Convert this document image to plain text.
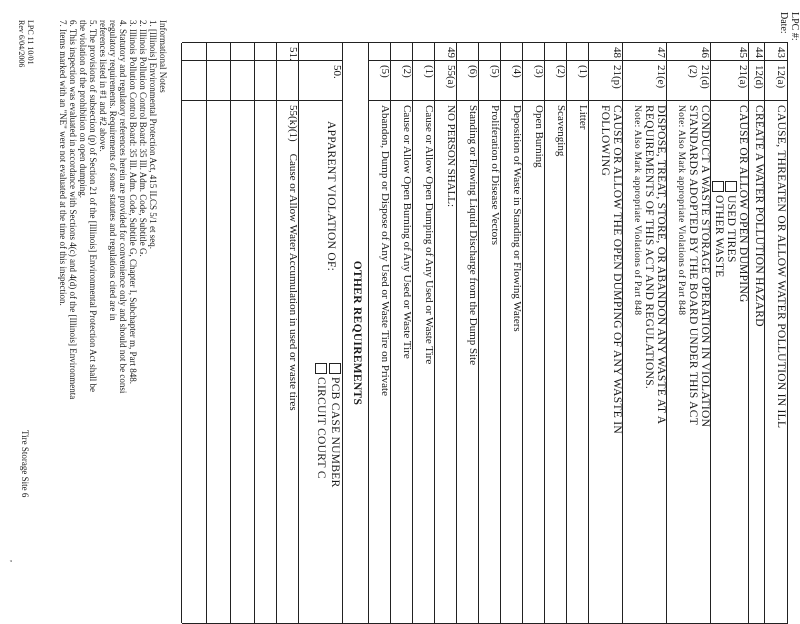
LPC #:
Date:
43
12(a)
CAUSE, THREATEN OR ALLOW WATER POLLUTION IN ILL
44
12(d)
CREATE A WATER POLLUTION HAZARD
45
21(a)
CAUSE OR ALLOW OPEN DUMPING
USED TIRES
OTHER WASTE
46
21(d)(2)
CONDUCT A WASTE STORAGE OPERATION IN VIOLATION
STANDARDS ADOPTED BY THE BOARD UNDER THIS ACT
Note: Also Mark appropriate Violations of Part 848
47
21(e)
DISPOSE, TREAT, STORE, OR ABANDON ANY WASTE AT A
REQUIREMENTS OF THIS ACT AND REGULATIONS.
Note: Also Mark appropriate Violations of Part 848
48
21(p)
CAUSE OR ALLOW THE OPEN DUMPING OF ANY WASTE IN
FOLLOWING
(1)
Litter
(2)
Scavenging
(3)
Open Burning
(4)
Deposition of Waste in Standing or Flowing Waters
(5)
Proliferation of Disease Vectors
(6)
Standing or Flowing Liquid Discharge from the Dump Site
49
55(a)
NO PERSON SHALL:
(1)
Cause or Allow Open Dumping of Any Used or Waste Tire
(2)
Cause or Allow Open Burning of Any Used or Waste Tire
(5)
Abandon, Dump or Dispose of Any Used or Waste Tire on Private
OTHER REQUIREMENTS
50.
APPARENT VIOLATION OF:
PCB CASE NUMBER
CIRCUIT COURT C
51.
55(k)(1)Cause or Allow Water Accumulation in used or waste tires
Informational Notes
1. [Illinois] Environmental Protection Act, 415 ILCS 5/1 et seq.
2. Illinois Pollution Control Board: 35 Ill. Adm. Code, Subtitle G.
3. Illinois Pollution Control Board: 35 Ill. Adm. Code, Subtitle G, Chapter I, Subchapter m, Part 848.
4. Statutory and regulatory references herein are provided for convenience only and should not be consi
regulatory requirements. Requirements of some statutes and regulations cited are in
references listed in #1 and #2 above.
5. The provisions of subsection (p) of Section 21 of the [Illinois] Environmental Protection Act shall be
the violation of the prohibition on open dumping.
6. This inspection was evaluated in accordance with Sections 4(c) and 4(d) of the [Illinois] Environmenta
7. Items marked with an "NE" were not evaluated at the time of this inspection.
LPC 11 10/01
Rev 6/04/2006
Tire Storage Site 6
,
